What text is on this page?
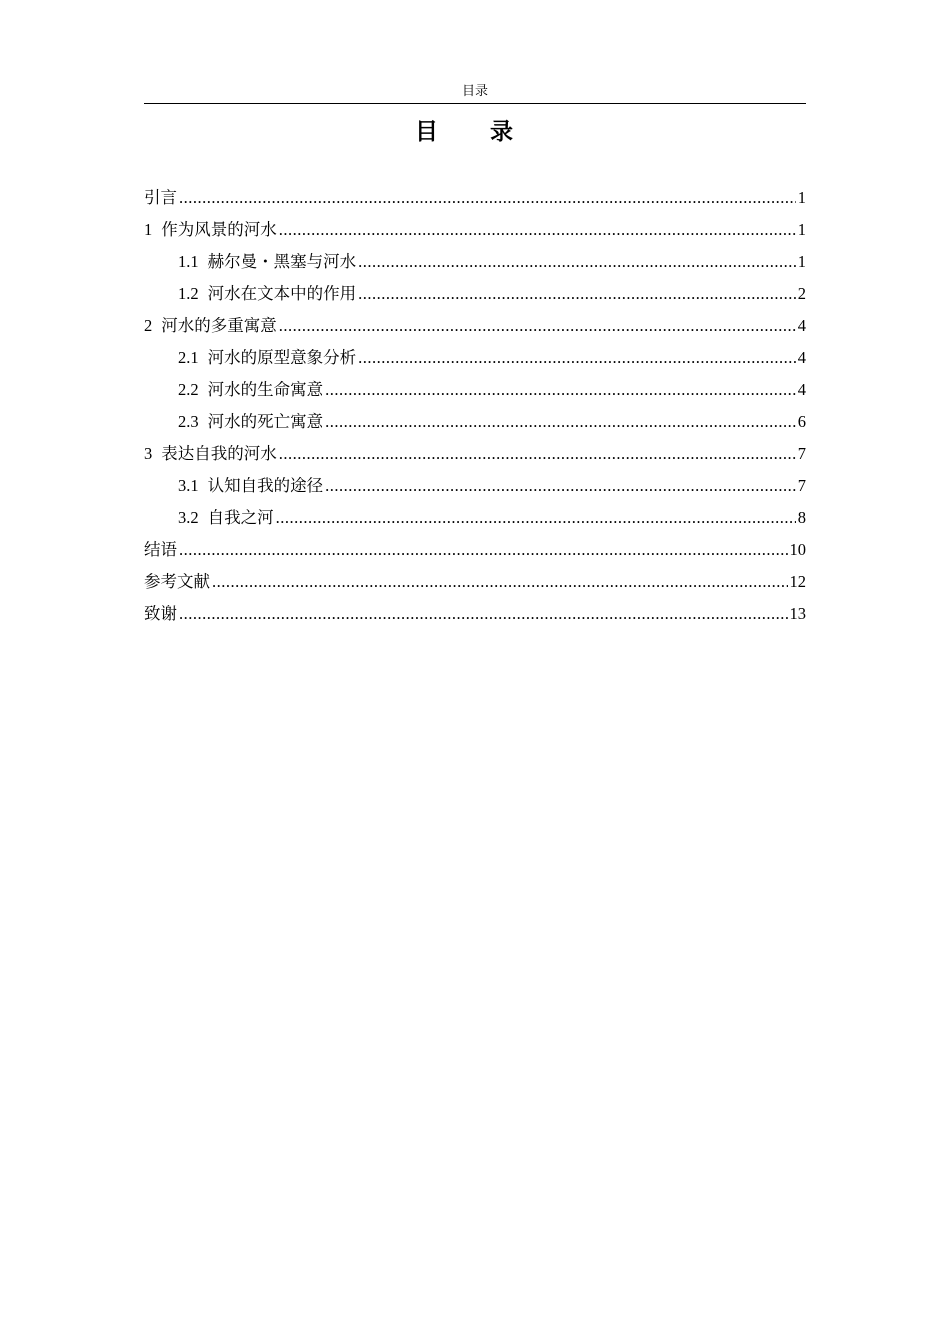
目录
目 录
引言 .....	1
1 作为风景的河水 .....	1
1.1 赫尔曼・黑塞与河水 .....	1
1.2 河水在文本中的作用 .....	2
2 河水的多重寓意 .....	4
2.1 河水的原型意象分析 .....	4
2.2 河水的生命寓意 .....	4
2.3 河水的死亡寓意 .....	6
3 表达自我的河水 .....	7
3.1 认知自我的途径 .....	7
3.2 自我之河 .....	8
结语 .....	10
参考文献 .....	12
致谢 .....	13
